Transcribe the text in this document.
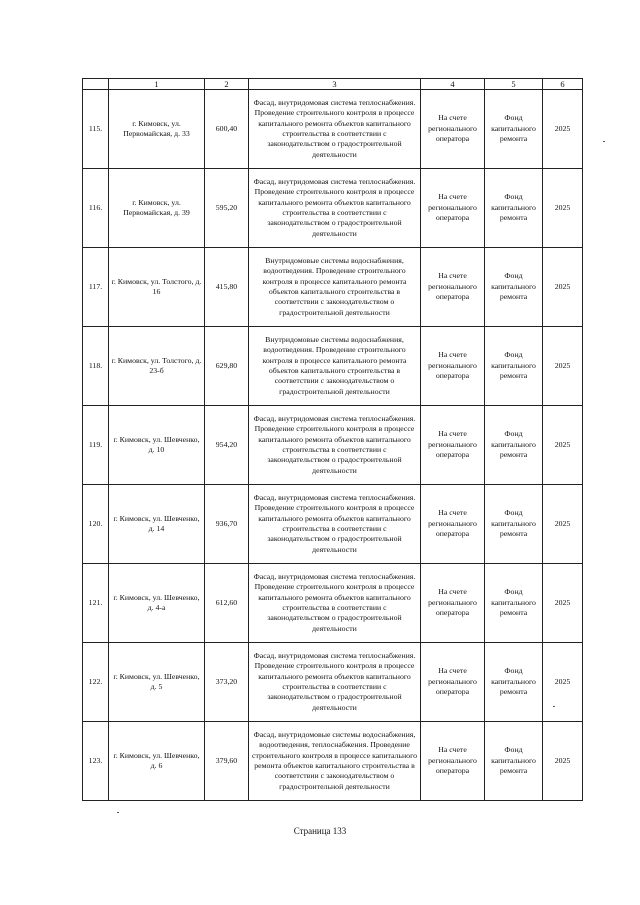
	1	2	3	4	5	6
115.	г. Кимовск, ул. Первомайская, д. 33	600,40	Фасад, внутридомовая система теплоснабжения. Проведение строительного контроля в процессе капитального ремонта объектов капитального строительства в соответствии с законодательством о градостроительной деятельности	На счете регионального оператора	Фонд капитального ремонта	2025
116.	г. Кимовск, ул. Первомайская, д. 39	595,20	Фасад, внутридомовая система теплоснабжения. Проведение строительного контроля в процессе капитального ремонта объектов капитального строительства в соответствии с законодательством о градостроительной деятельности	На счете регионального оператора	Фонд капитального ремонта	2025
117.	г. Кимовск, ул. Толстого, д. 16	415,80	Внутридомовые системы водоснабжения, водоотведения. Проведение строительного контроля в процессе капитального ремонта объектов капитального строительства в соответствии с законодательством о градостроительной деятельности	На счете регионального оператора	Фонд капитального ремонта	2025
118.	г. Кимовск, ул. Толстого, д. 23-б	629,80	Внутридомовые системы водоснабжения, водоотведения. Проведение строительного контроля в процессе капитального ремонта объектов капитального строительства в соответствии с законодательством о градостроительной деятельности	На счете регионального оператора	Фонд капитального ремонта	2025
119.	г. Кимовск, ул. Шевченко, д. 10	954,20	Фасад, внутридомовая система теплоснабжения. Проведение строительного контроля в процессе капитального ремонта объектов капитального строительства в соответствии с законодательством о градостроительной деятельности	На счете регионального оператора	Фонд капитального ремонта	2025
120.	г. Кимовск, ул. Шевченко, д. 14	936,70	Фасад, внутридомовая система теплоснабжения. Проведение строительного контроля в процессе капитального ремонта объектов капитального строительства в соответствии с законодательством о градостроительной деятельности	На счете регионального оператора	Фонд капитального ремонта	2025
121.	г. Кимовск, ул. Шевченко, д. 4-а	612,60	Фасад, внутридомовая система теплоснабжения. Проведение строительного контроля в процессе капитального ремонта объектов капитального строительства в соответствии с законодательством о градостроительной деятельности	На счете регионального оператора	Фонд капитального ремонта	2025
122.	г. Кимовск, ул. Шевченко, д. 5	373,20	Фасад, внутридомовая система теплоснабжения. Проведение строительного контроля в процессе капитального ремонта объектов капитального строительства в соответствии с законодательством о градостроительной деятельности	На счете регионального оператора	Фонд капитального ремонта	2025
123.	г. Кимовск, ул. Шевченко, д. 6	379,60	Фасад, внутридомовые системы водоснабжения, водоотведения, теплоснабжения. Проведение строительного контроля в процессе капитального ремонта объектов капитального строительства в соответствии с законодательством о градостроительной деятельности	На счете регионального оператора	Фонд капитального ремонта	2025
Страница 133
